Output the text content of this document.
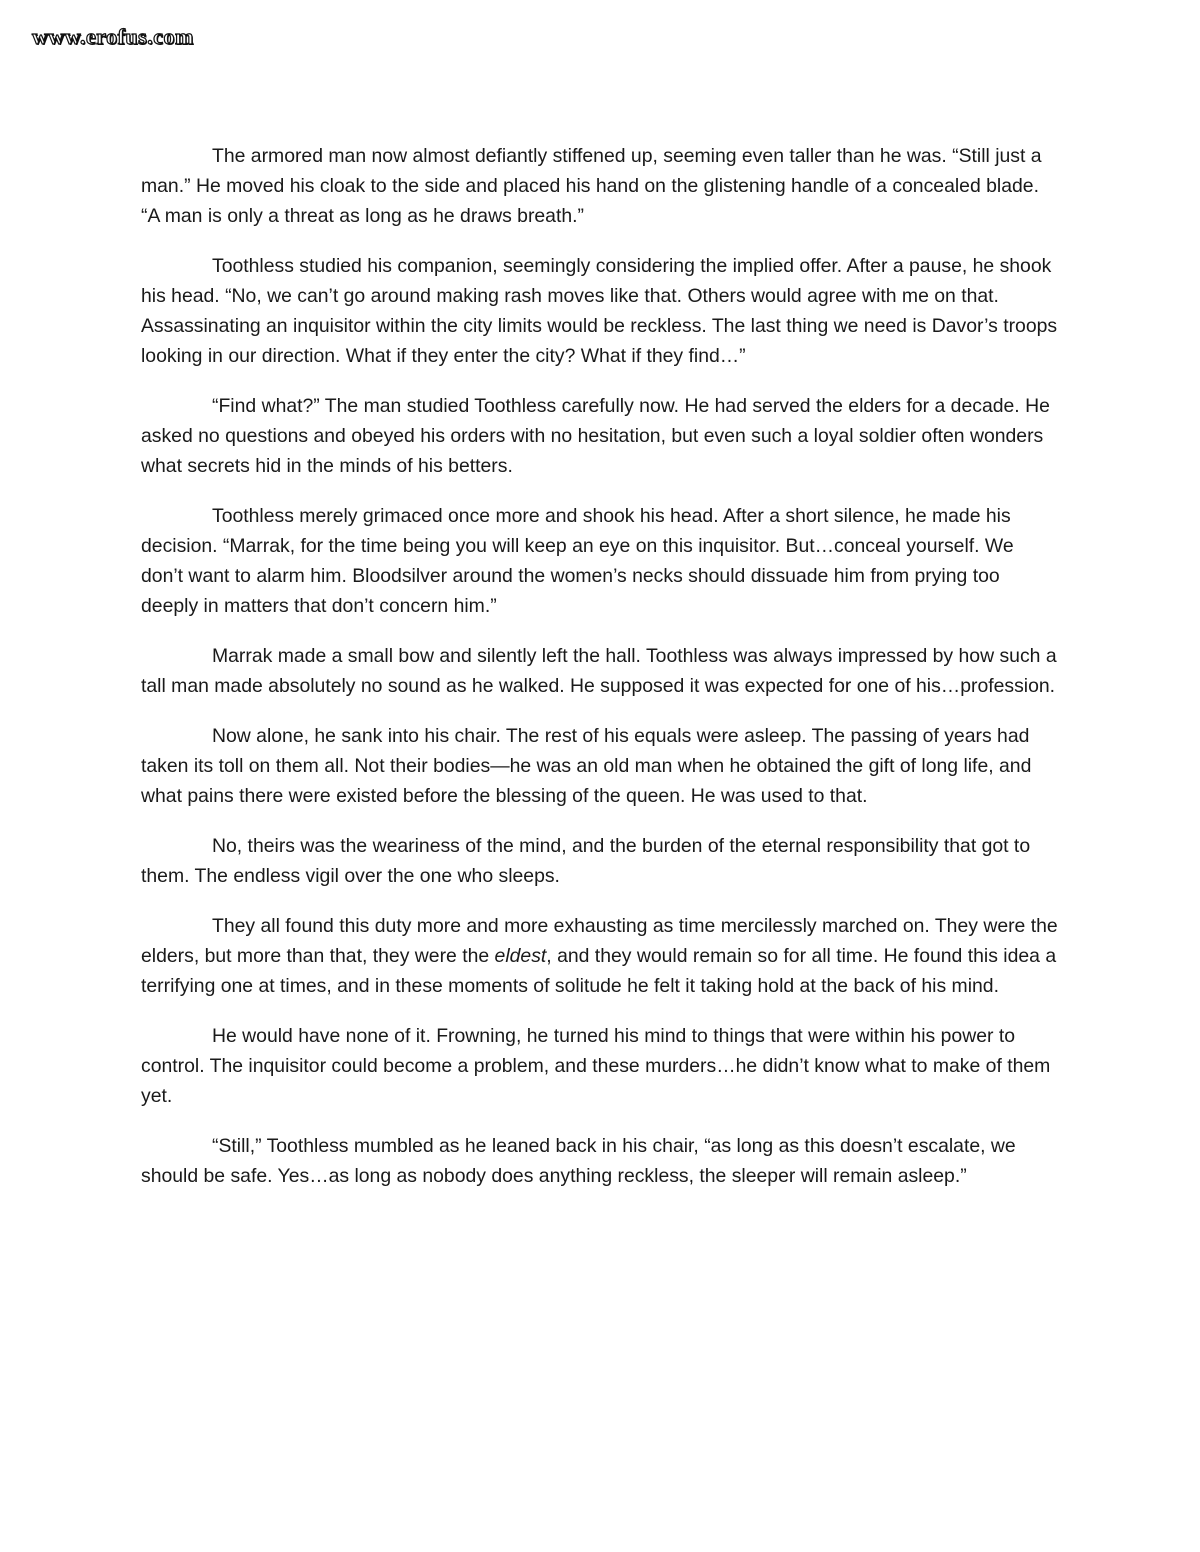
www.erofus.com

The armored man now almost defiantly stiffened up, seeming even taller than he was. “Still just a man.” He moved his cloak to the side and placed his hand on the glistening handle of a concealed blade. “A man is only a threat as long as he draws breath.”

Toothless studied his companion, seemingly considering the implied offer. After a pause, he shook his head. “No, we can’t go around making rash moves like that. Others would agree with me on that. Assassinating an inquisitor within the city limits would be reckless. The last thing we need is Davor’s troops looking in our direction. What if they enter the city? What if they find…”

“Find what?” The man studied Toothless carefully now. He had served the elders for a decade. He asked no questions and obeyed his orders with no hesitation, but even such a loyal soldier often wonders what secrets hid in the minds of his betters.

Toothless merely grimaced once more and shook his head. After a short silence, he made his decision. “Marrak, for the time being you will keep an eye on this inquisitor. But…conceal yourself. We don’t want to alarm him. Bloodsilver around the women’s necks should dissuade him from prying too deeply in matters that don’t concern him.”

Marrak made a small bow and silently left the hall. Toothless was always impressed by how such a tall man made absolutely no sound as he walked. He supposed it was expected for one of his…profession.

Now alone, he sank into his chair. The rest of his equals were asleep. The passing of years had taken its toll on them all. Not their bodies—he was an old man when he obtained the gift of long life, and what pains there were existed before the blessing of the queen. He was used to that.

No, theirs was the weariness of the mind, and the burden of the eternal responsibility that got to them. The endless vigil over the one who sleeps.

They all found this duty more and more exhausting as time mercilessly marched on. They were the elders, but more than that, they were the eldest, and they would remain so for all time. He found this idea a terrifying one at times, and in these moments of solitude he felt it taking hold at the back of his mind.

He would have none of it. Frowning, he turned his mind to things that were within his power to control. The inquisitor could become a problem, and these murders…he didn’t know what to make of them yet.

“Still,” Toothless mumbled as he leaned back in his chair, “as long as this doesn’t escalate, we should be safe. Yes…as long as nobody does anything reckless, the sleeper will remain asleep.”
